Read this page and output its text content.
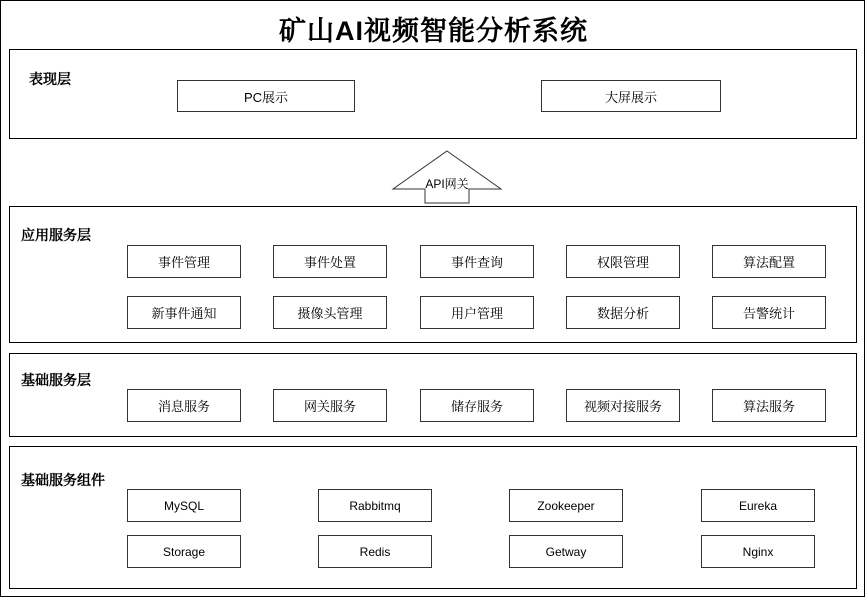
矿山AI视频智能分析系统
表现层
PC展示	大屏展示
API网关
应用服务层
事件管理	事件处置	事件查询	权限管理	算法配置
新事件通知	摄像头管理	用户管理	数据分析	告警统计
基础服务层
消息服务	网关服务	储存服务	视频对接服务	算法服务
基础服务组件
MySQL	Rabbitmq	Zookeeper	Eureka
Storage	Redis	Getway	Nginx
